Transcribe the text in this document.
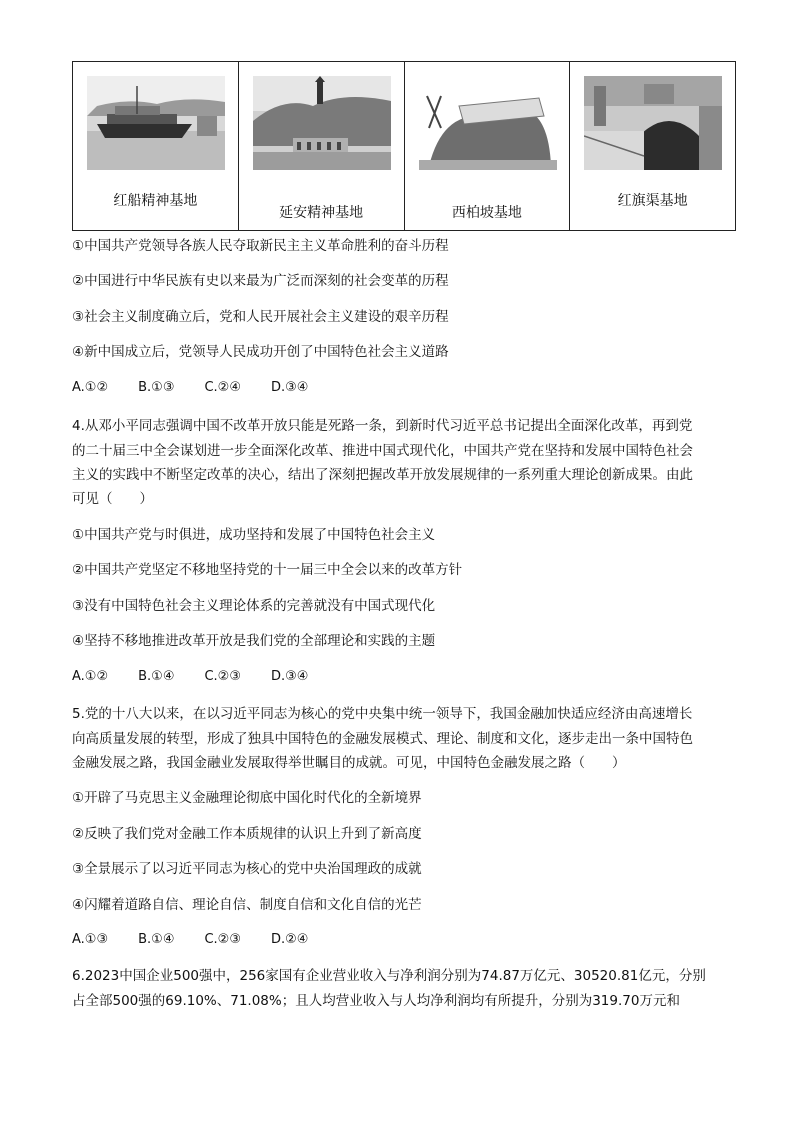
红船精神基地
延安精神基地	西柏坡基地
红旗渠基地
①中国共产党领导各族人民夺取新民主主义革命胜利的奋斗历程
②中国进行中华民族有史以来最为广泛而深刻的社会变革的历程
③社会主义制度确立后，党和人民开展社会主义建设的艰辛历程
④新中国成立后，党领导人民成功开创了中国特色社会主义道路
A.①② B.①③ C.②④ D.③④
4.从邓小平同志强调中国不改革开放只能是死路一条，到新时代习近平总书记提出全面深化改革，再到党
的二十届三中全会谋划进一步全面深化改革、推进中国式现代化，中国共产党在坚持和发展中国特色社会
主义的实践中不断坚定改革的决心，结出了深刻把握改革开放发展规律的一系列重大理论创新成果。由此
可见（　　）
①中国共产党与时俱进，成功坚持和发展了中国特色社会主义
②中国共产党坚定不移地坚持党的十一届三中全会以来的改革方针
③没有中国特色社会主义理论体系的完善就没有中国式现代化
④坚持不移地推进改革开放是我们党的全部理论和实践的主题
A.①② B.①④ C.②③ D.③④
5.党的十八大以来，在以习近平同志为核心的党中央集中统一领导下，我国金融加快适应经济由高速增长
向高质量发展的转型，形成了独具中国特色的金融发展模式、理论、制度和文化，逐步走出一条中国特色
金融发展之路，我国金融业发展取得举世瞩目的成就。可见，中国特色金融发展之路（　　）
①开辟了马克思主义金融理论彻底中国化时代化的全新境界
②反映了我们党对金融工作本质规律的认识上升到了新高度
③全景展示了以习近平同志为核心的党中央治国理政的成就
④闪耀着道路自信、理论自信、制度自信和文化自信的光芒
A.①③ B.①④ C.②③ D.②④
6.2023中国企业500强中，256家国有企业营业收入与净利润分别为74.87万亿元、30520.81亿元，分别
占全部500强的69.10%、71.08%；且人均营业收入与人均净利润均有所提升，分别为319.70万元和
